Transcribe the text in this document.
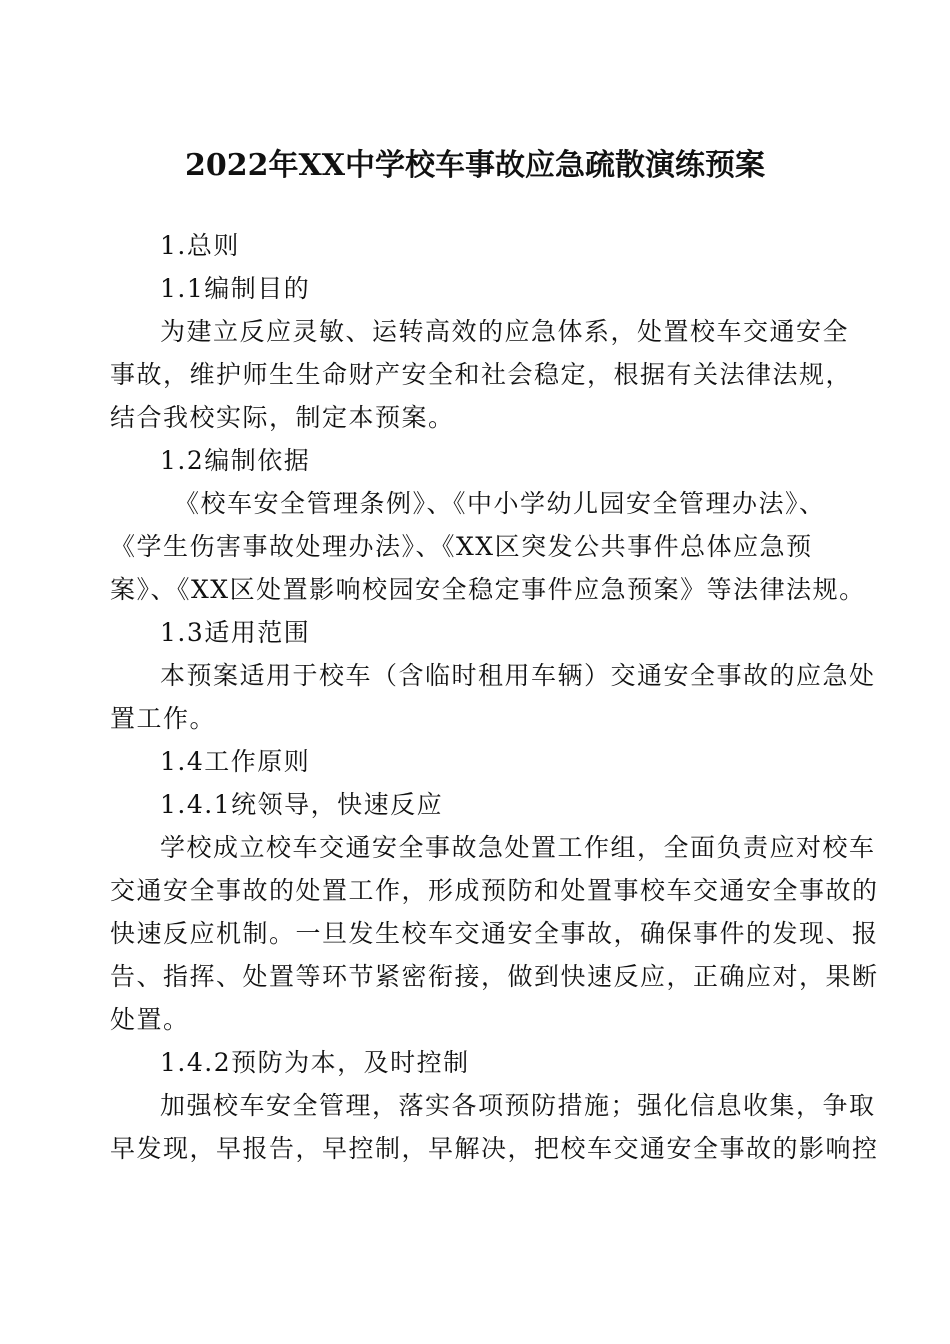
2022年XX中学校车事故应急疏散演练预案
1.总则
1.1编制目的
为建立反应灵敏、运转高效的应急体系，处置校车交通安全
事故，维护师生生命财产安全和社会稳定，根据有关法律法规，
结合我校实际，制定本预案。
1.2编制依据
《校车安全管理条例》、《中小学幼儿园安全管理办法》、
《学生伤害事故处理办法》、《XX区突发公共事件总体应急预
案》、《XX区处置影响校园安全稳定事件应急预案》等法律法规。
1.3适用范围
本预案适用于校车（含临时租用车辆）交通安全事故的应急处
置工作。
1.4工作原则
1.4.1统领导，快速反应
学校成立校车交通安全事故急处置工作组，全面负责应对校车
交通安全事故的处置工作，形成预防和处置事校车交通安全事故的
快速反应机制。一旦发生校车交通安全事故，确保事件的发现、报
告、指挥、处置等环节紧密衔接，做到快速反应，正确应对，果断
处置。
1.4.2预防为本，及时控制
加强校车安全管理，落实各项预防措施；强化信息收集，争取
早发现，早报告，早控制，早解决，把校车交通安全事故的影响控
